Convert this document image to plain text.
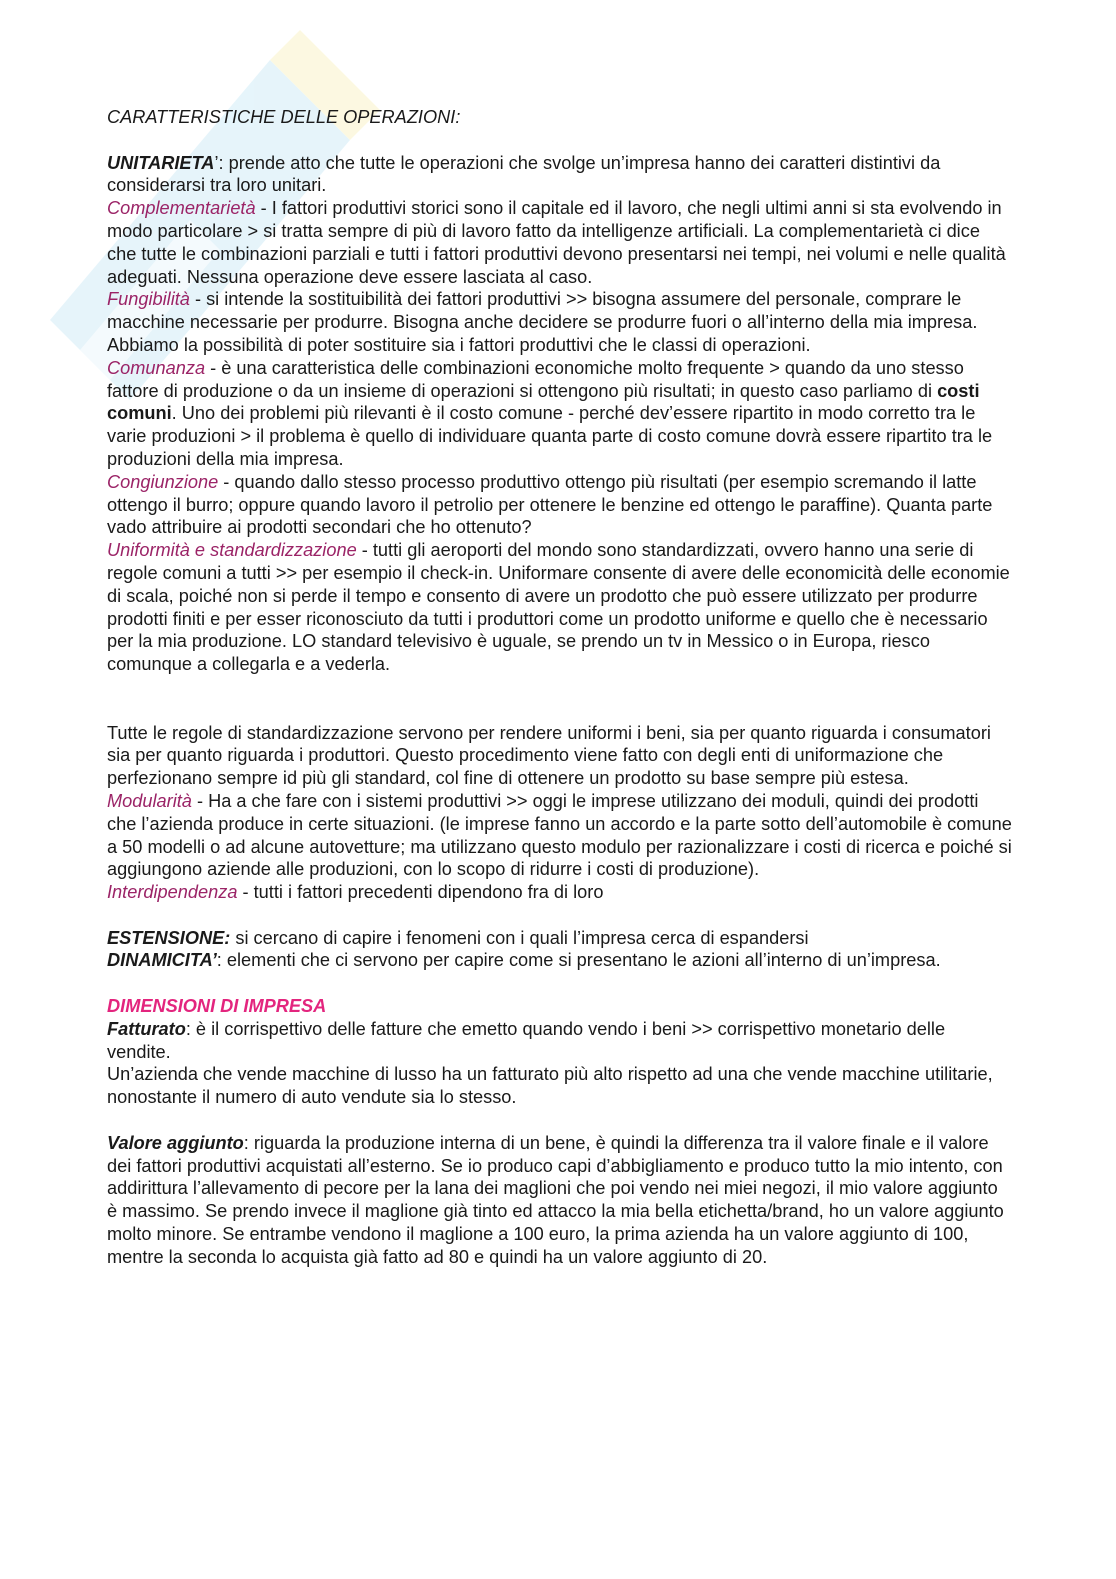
CARATTERISTICHE DELLE OPERAZIONI:

UNITARIETA’: prende atto che tutte le operazioni che svolge un’impresa hanno dei caratteri distintivi da considerarsi tra loro unitari.

Complementarietà - I fattori produttivi storici sono il capitale ed il lavoro, che negli ultimi anni si sta evolvendo in modo particolare > si tratta sempre di più di lavoro fatto da intelligenze artificiali. La complementarietà ci dice che tutte le combinazioni parziali e tutti i fattori produttivi devono presentarsi nei tempi, nei volumi e nelle qualità adeguati. Nessuna operazione deve essere lasciata al caso.

Fungibilità - si intende la sostituibilità dei fattori produttivi >> bisogna assumere del personale, comprare le macchine necessarie per produrre. Bisogna anche decidere se produrre fuori o all’interno della mia impresa.

Abbiamo la possibilità di poter sostituire sia i fattori produttivi che le classi di operazioni.

Comunanza - è una caratteristica delle combinazioni economiche molto frequente > quando da uno stesso fattore di produzione o da un insieme di operazioni si ottengono più risultati; in questo caso parliamo di costi comuni. Uno dei problemi più rilevanti è il costo comune - perché dev’essere ripartito in modo corretto tra le varie produzioni > il problema è quello di individuare quanta parte di costo comune dovrà essere ripartito tra le produzioni della mia impresa.

Congiunzione - quando dallo stesso processo produttivo ottengo più risultati (per esempio scremando il latte ottengo il burro; oppure quando lavoro il petrolio per ottenere le benzine ed ottengo le paraffine). Quanta parte vado attribuire ai prodotti secondari che ho ottenuto?

Uniformità e standardizzazione - tutti gli aeroporti del mondo sono standardizzati, ovvero hanno una serie di regole comuni a tutti >> per esempio il check-in. Uniformare consente di avere delle economicità delle economie di scala, poiché non si perde il tempo e consento di avere un prodotto che può essere utilizzato per produrre prodotti finiti e per esser riconosciuto da tutti i produttori come un prodotto uniforme e quello che è necessario per la mia produzione. LO standard televisivo è uguale, se prendo un tv in Messico o in Europa, riesco comunque a collegarla e a vederla.

Tutte le regole di standardizzazione servono per rendere uniformi i beni, sia per quanto riguarda i consumatori sia per quanto riguarda i produttori. Questo procedimento viene fatto con degli enti di uniformazione che perfezionano sempre id più gli standard, col fine di ottenere un prodotto su base sempre più estesa.

Modularità - Ha a che fare con i sistemi produttivi >> oggi le imprese utilizzano dei moduli, quindi dei prodotti che l’azienda produce in certe situazioni. (le imprese fanno un accordo e la parte sotto dell’automobile è comune a 50 modelli o ad alcune autovetture; ma utilizzano questo modulo per razionalizzare i costi di ricerca e poiché si aggiungono aziende alle produzioni, con lo scopo di ridurre i costi di produzione).

Interdipendenza - tutti i fattori precedenti dipendono fra di loro

ESTENSIONE: si cercano di capire i fenomeni con i quali l’impresa cerca di espandersi

DINAMICITA’: elementi che ci servono per capire come si presentano le azioni all’interno di un’impresa.

DIMENSIONI DI IMPRESA

Fatturato: è il corrispettivo delle fatture che emetto quando vendo i beni >> corrispettivo monetario delle vendite.

Un’azienda che vende macchine di lusso ha un fatturato più alto rispetto ad una che vende macchine utilitarie, nonostante il numero di auto vendute sia lo stesso.

Valore aggiunto: riguarda la produzione interna di un bene, è quindi la differenza tra il valore finale e il valore dei fattori produttivi acquistati all’esterno. Se io produco capi d’abbigliamento e produco tutto la mio intento, con addirittura l’allevamento di pecore per la lana dei maglioni che poi vendo nei miei negozi, il mio valore aggiunto è massimo. Se prendo invece il maglione già tinto ed attacco la mia bella etichetta/brand, ho un valore aggiunto molto minore. Se entrambe vendono il maglione a 100 euro, la prima azienda ha un valore aggiunto di 100, mentre la seconda lo acquista già fatto ad 80 e quindi ha un valore aggiunto di 20.
